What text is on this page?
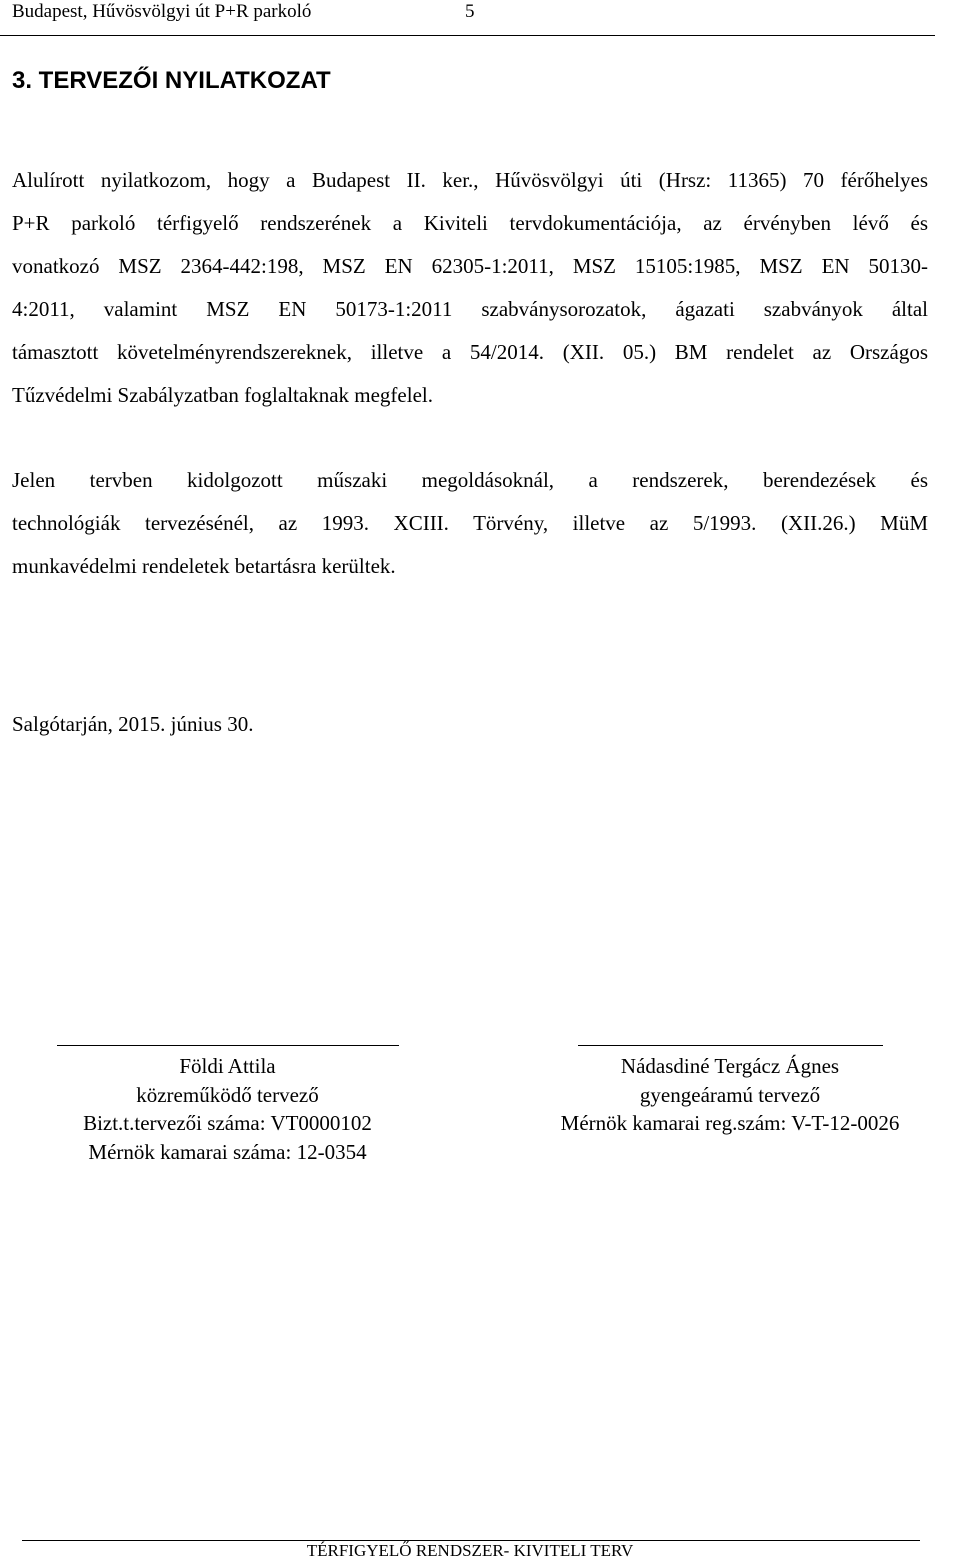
Budapest, Hűvösvölgyi út P+R parkoló	5
3. TERVEZŐI NYILATKOZAT

Alulírott nyilatkozom, hogy a Budapest II. ker., Hűvösvölgyi úti (Hrsz: 11365) 70 férőhelyes
P+R parkoló térfigyelő rendszerének a Kiviteli tervdokumentációja, az érvényben lévő és
vonatkozó MSZ 2364-442:198, MSZ EN 62305-1:2011, MSZ 15105:1985, MSZ EN 50130-
4:2011, valamint MSZ EN 50173-1:2011 szabványsorozatok, ágazati szabványok által
támasztott követelményrendszereknek, illetve a 54/2014. (XII. 05.) BM rendelet az Országos
Tűzvédelmi Szabályzatban foglaltaknak megfelel.

Jelen tervben kidolgozott műszaki megoldásoknál, a rendszerek, berendezések és
technológiák tervezésénél, az 1993. XCIII. Törvény, illetve az 5/1993. (XII.26.) MüM
munkavédelmi rendeletek betartásra kerültek.

Salgótarján, 2015. június 30.

Földi Attila
közreműködő tervező
Bizt.t.tervezői száma: VT0000102
Mérnök kamarai száma: 12-0354
Nádasdiné Tergácz Ágnes
gyengeáramú tervező
Mérnök kamarai reg.szám: V-T-12-0026
TÉRFIGYELŐ RENDSZER- KIVITELI TERV
